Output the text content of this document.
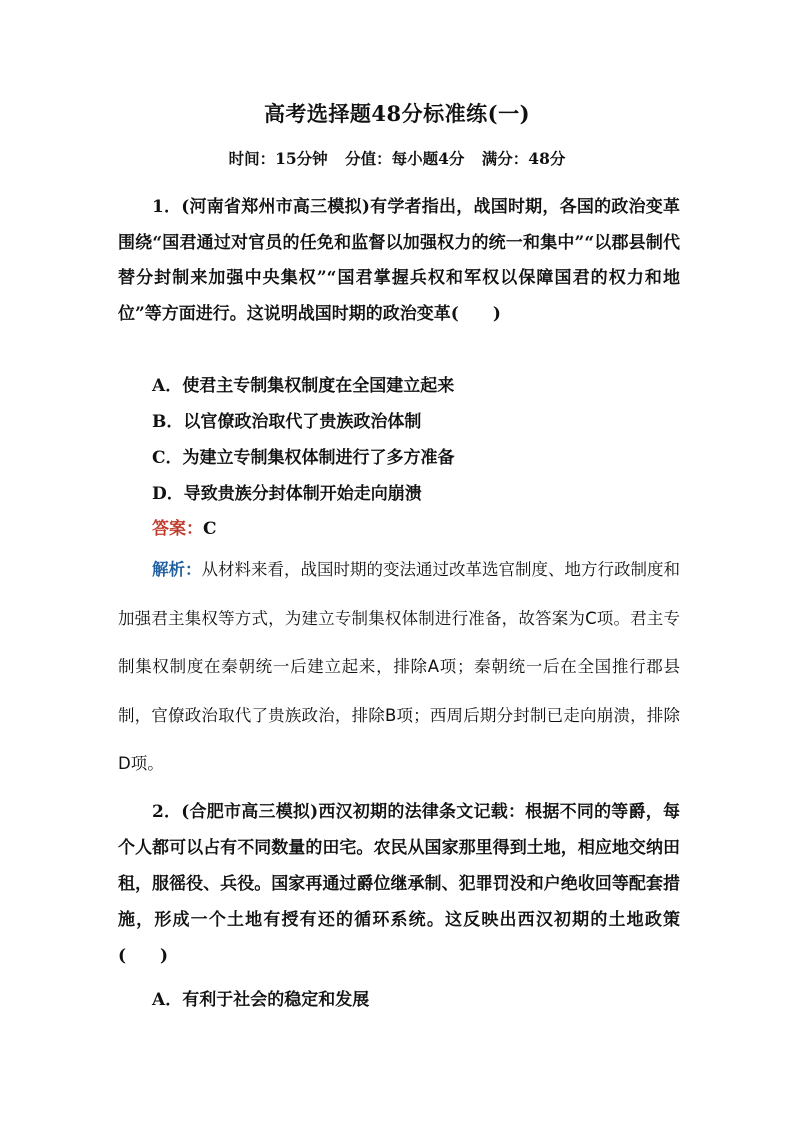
高考选择题48分标准练(一)
时间：15分钟 分值：每小题4分 满分：48分
1．(河南省郑州市高三模拟)有学者指出，战国时期，各国的政治变革围绕“国君通过对官员的任免和监督以加强权力的统一和集中”“以郡县制代替分封制来加强中央集权”“国君掌握兵权和军权以保障国君的权力和地位”等方面进行。这说明战国时期的政治变革(　　)
A．使君主专制集权制度在全国建立起来
B．以官僚政治取代了贵族政治体制
C．为建立专制集权体制进行了多方准备
D．导致贵族分封体制开始走向崩溃
答案：C
解析：从材料来看，战国时期的变法通过改革选官制度、地方行政制度和加强君主集权等方式，为建立专制集权体制进行准备，故答案为C项。君主专制集权制度在秦朝统一后建立起来，排除A项；秦朝统一后在全国推行郡县制，官僚政治取代了贵族政治，排除B项；西周后期分封制已走向崩溃，排除D项。
2．(合肥市高三模拟)西汉初期的法律条文记载：根据不同的等爵，每个人都可以占有不同数量的田宅。农民从国家那里得到土地，相应地交纳田租，服徭役、兵役。国家再通过爵位继承制、犯罪罚没和户绝收回等配套措施，形成一个土地有授有还的循环系统。这反映出西汉初期的土地政策(　　)
A．有利于社会的稳定和发展
